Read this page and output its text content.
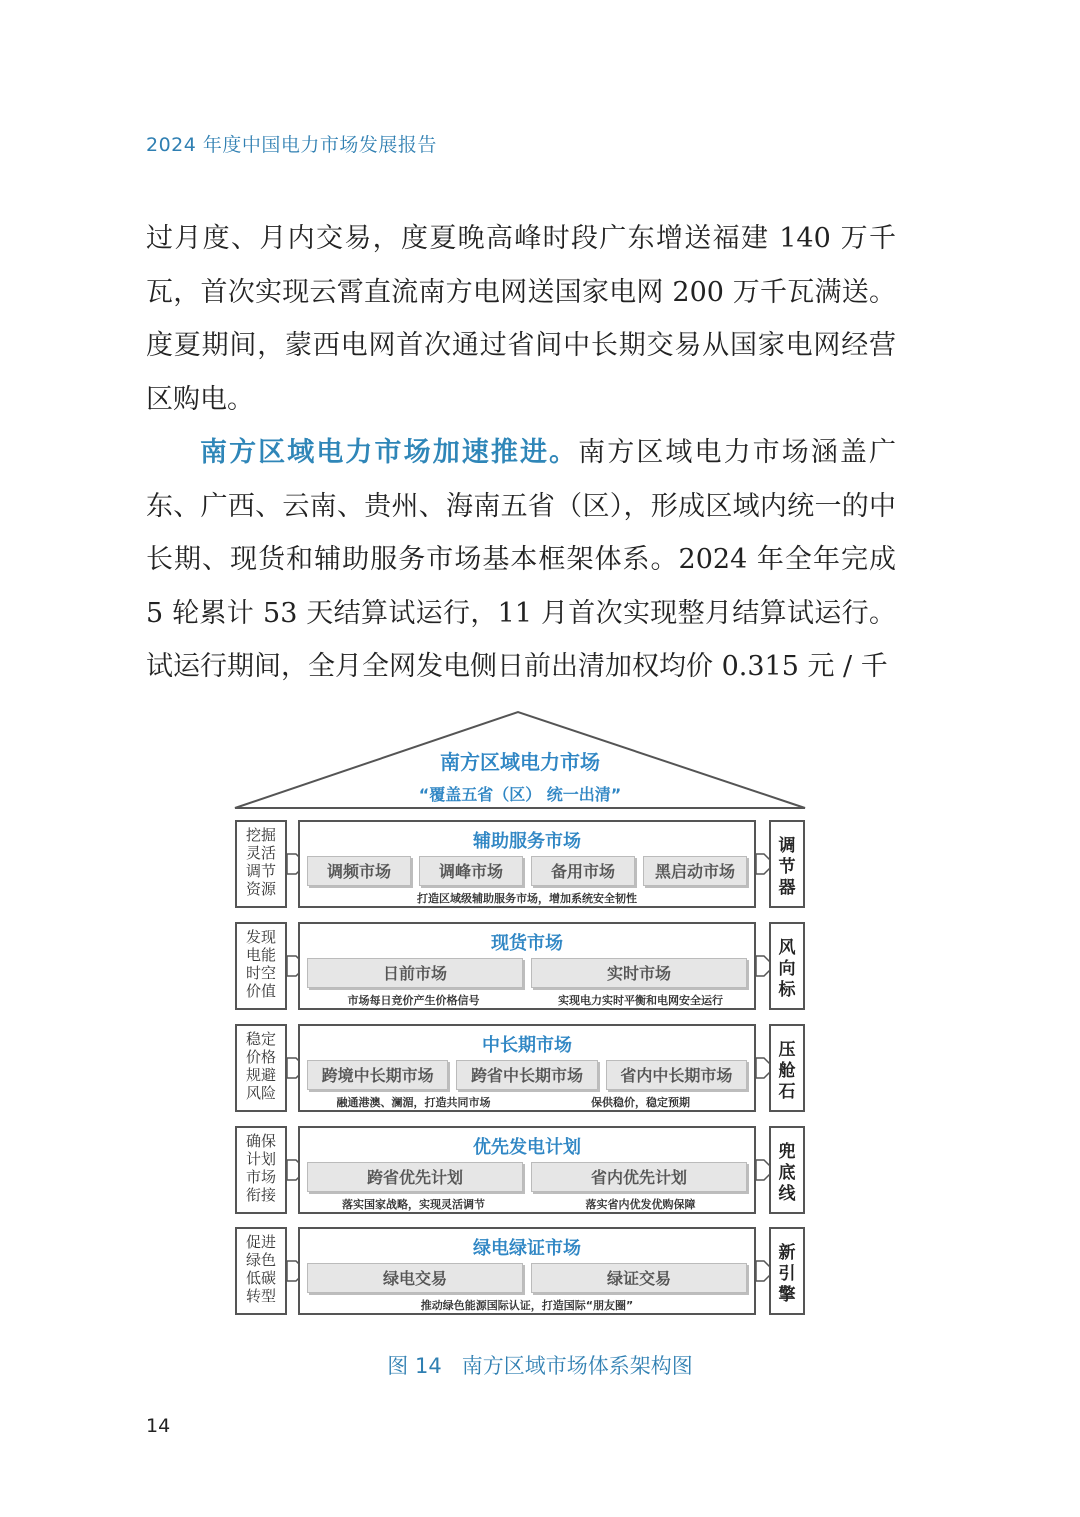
2024 年度中国电力市场发展报告

过月度、月内交易，度夏晚高峰时段广东增送福建 140 万千瓦，首次实现云霄直流南方电网送国家电网 200 万千瓦满送。度夏期间，蒙西电网首次通过省间中长期交易从国家电网经营区购电。

南方区域电力市场加速推进。南方区域电力市场涵盖广东、广西、云南、贵州、海南五省（区），形成区域内统一的中长期、现货和辅助服务市场基本框架体系。2024 年全年完成 5 轮累计 53 天结算试运行，11 月首次实现整月结算试运行。试运行期间，全月全网发电侧日前出清加权均价 0.315 元 / 千

南方区域电力市场
“覆盖五省（区） 统一出清”
挖掘
灵活
调节
资源
辅助服务市场
调频市场	调峰市场	备用市场	黑启动市场
打造区域级辅助服务市场，增加系统安全韧性
调
节
器
发现
电能
时空
价值
现货市场
日前市场	实时市场
市场每日竞价产生价格信号	实现电力实时平衡和电网安全运行
风
向
标
稳定
价格
规避
风险
中长期市场
跨境中长期市场	跨省中长期市场	省内中长期市场
融通港澳、澜湄，打造共同市场	保供稳价，稳定预期
压
舱
石
确保
计划
市场
衔接
优先发电计划
跨省优先计划	省内优先计划
落实国家战略，实现灵活调节	落实省内优发优购保障
兜
底
线
促进
绿色
低碳
转型
绿电绿证市场
绿电交易	绿证交易
推动绿色能源国际认证，打造国际“朋友圈”
新
引
擎
图 14 南方区域市场体系架构图
14
